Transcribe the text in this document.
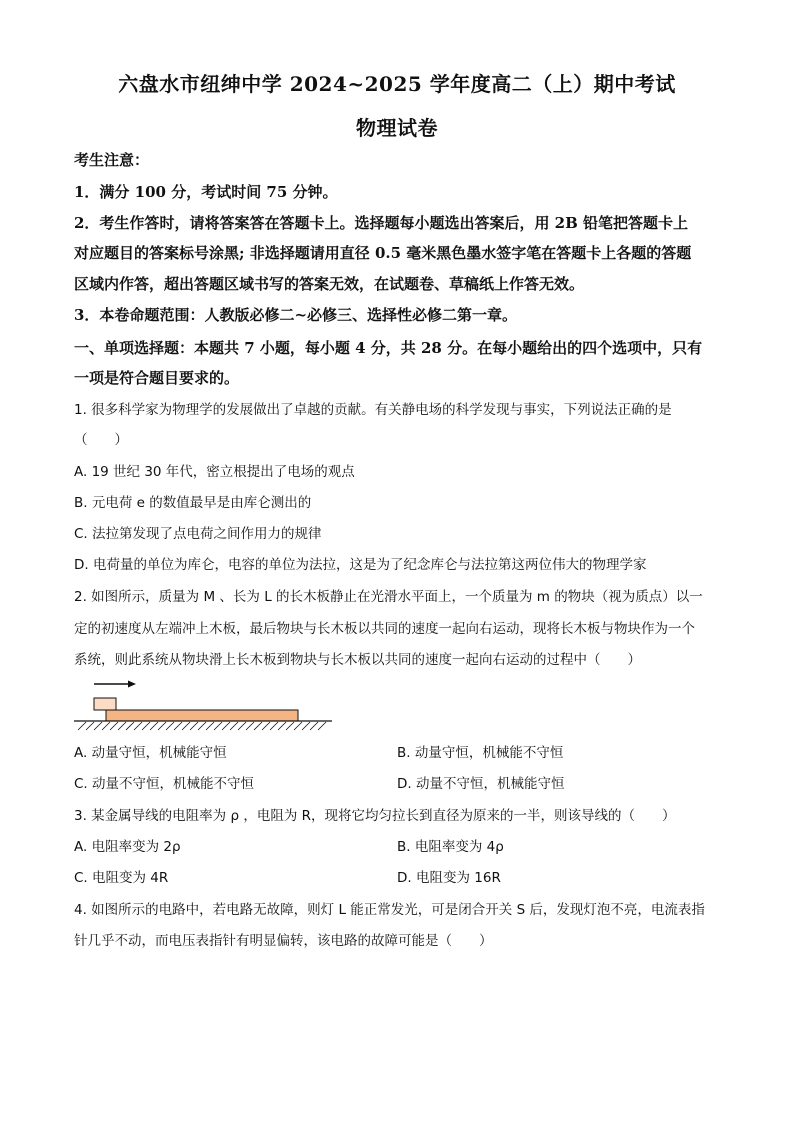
六盘水市纽绅中学 2024~2025 学年度高二（上）期中考试
物理试卷
考生注意：
1．满分 100 分，考试时间 75 分钟。
2．考生作答时，请将答案答在答题卡上。选择题每小题选出答案后，用 2B 铅笔把答题卡上
对应题目的答案标号涂黑; 非选择题请用直径 0.5 毫米黑色墨水签字笔在答题卡上各题的答题
区域内作答，超出答题区域书写的答案无效，在试题卷、草稿纸上作答无效。
3．本卷命题范围：人教版必修二~必修三、选择性必修二第一章。
一、单项选择题：本题共 7 小题，每小题 4 分，共 28 分。在每小题给出的四个选项中，只有
一项是符合题目要求的。
1. 很多科学家为物理学的发展做出了卓越的贡献。有关静电场的科学发现与事实，下列说法正确的是
（　　）
A. 19 世纪 30 年代，密立根提出了电场的观点
B. 元电荷 e 的数值最早是由库仑测出的
C. 法拉第发现了点电荷之间作用力的规律
D. 电荷量的单位为库仑，电容的单位为法拉，这是为了纪念库仑与法拉第这两位伟大的物理学家
2. 如图所示，质量为 M 、长为 L 的长木板静止在光滑水平面上，一个质量为 m 的物块（视为质点）以一
定的初速度从左端冲上木板，最后物块与长木板以共同的速度一起向右运动，现将长木板与物块作为一个
系统，则此系统从物块滑上长木板到物块与长木板以共同的速度一起向右运动的过程中（　　）
A. 动量守恒，机械能守恒	B. 动量守恒，机械能不守恒
C. 动量不守恒，机械能不守恒	D. 动量不守恒，机械能守恒
3. 某金属导线的电阻率为 ρ ，电阻为 R，现将它均匀拉长到直径为原来的一半，则该导线的（　　）
A. 电阻率变为 2ρ	B. 电阻率变为 4ρ
C. 电阻变为 4R	D. 电阻变为 16R
4. 如图所示的电路中，若电路无故障，则灯 L 能正常发光，可是闭合开关 S 后，发现灯泡不亮，电流表指
针几乎不动，而电压表指针有明显偏转，该电路的故障可能是（　　）
